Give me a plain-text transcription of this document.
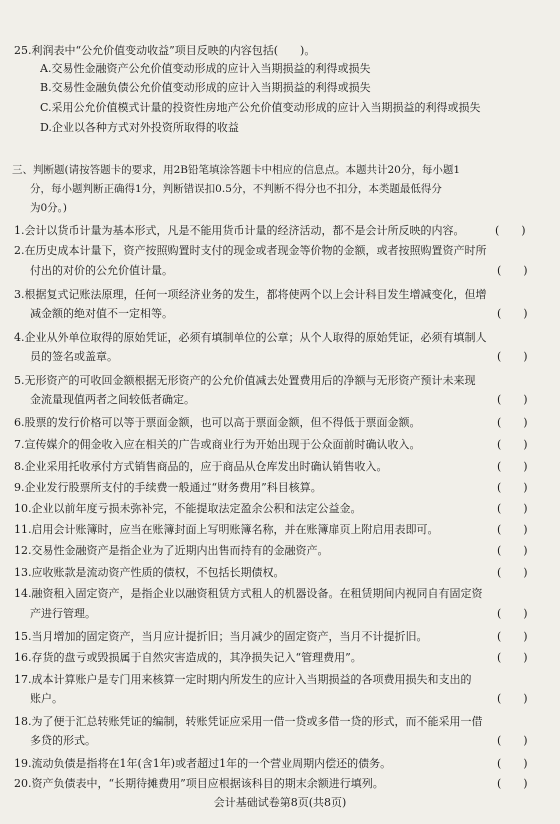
25.利润表中“公允价值变动收益”项目反映的内容包括(　　)。
A.交易性金融资产公允价值变动形成的应计入当期损益的利得或损失
B.交易性金融负债公允价值变动形成的应计入当期损益的利得或损失
C.采用公允价值模式计量的投资性房地产公允价值变动形成的应计入当期损益的利得或损失
D.企业以各种方式对外投资所取得的收益
三、判断题(请按答题卡的要求，用2B铅笔填涂答题卡中相应的信息点。本题共计20分，每小题1
分，每小题判断正确得1分，判断错误扣0.5分，不判断不得分也不扣分，本类题最低得分
为0分。)
1.会计以货币计量为基本形式，凡是不能用货币计量的经济活动，都不是会计所反映的内容。	(　　)
2.在历史成本计量下，资产按照购置时支付的现金或者现金等价物的金额，或者按照购置资产时所
付出的对价的公允价值计量。	(　　)
3.根据复式记账法原理，任何一项经济业务的发生，都将使两个以上会计科目发生增减变化，但增
减金额的绝对值不一定相等。	(　　)
4.企业从外单位取得的原始凭证，必须有填制单位的公章；从个人取得的原始凭证，必须有填制人
员的签名或盖章。	(　　)
5.无形资产的可收回金额根据无形资产的公允价值减去处置费用后的净额与无形资产预计未来现
金流量现值两者之间较低者确定。	(　　)
6.股票的发行价格可以等于票面金额，也可以高于票面金额，但不得低于票面金额。	(　　)
7.宣传媒介的佣金收入应在相关的广告或商业行为开始出现于公众面前时确认收入。	(　　)
8.企业采用托收承付方式销售商品的，应于商品从仓库发出时确认销售收入。	(　　)
9.企业发行股票所支付的手续费一般通过“财务费用”科目核算。	(　　)
10.企业以前年度亏损未弥补完，不能提取法定盈余公积和法定公益金。	(　　)
11.启用会计账簿时，应当在账簿封面上写明账簿名称，并在账簿扉页上附启用表即可。	(　　)
12.交易性金融资产是指企业为了近期内出售而持有的金融资产。	(　　)
13.应收账款是流动资产性质的债权，不包括长期债权。	(　　)
14.融资租入固定资产，是指企业以融资租赁方式租人的机器设备。在租赁期间内视同自有固定资
产进行管理。	(　　)
15.当月增加的固定资产，当月应计提折旧；当月减少的固定资产，当月不计提折旧。	(　　)
16.存货的盘亏或毁损属于自然灾害造成的，其净损失记入“管理费用”。	(　　)
17.成本计算账户是专门用来核算一定时期内所发生的应计入当期损益的各项费用损失和支出的
账户。	(　　)
18.为了便于汇总转账凭证的编制，转账凭证应采用一借一贷或多借一贷的形式，而不能采用一借
多贷的形式。	(　　)
19.流动负债是指将在1年(含1年)或者超过1年的一个营业周期内偿还的债务。	(　　)
20.资产负债表中，“长期待摊费用”项目应根据该科目的期末余额进行填列。	(　　)
会计基础试卷第8页(共8页)
